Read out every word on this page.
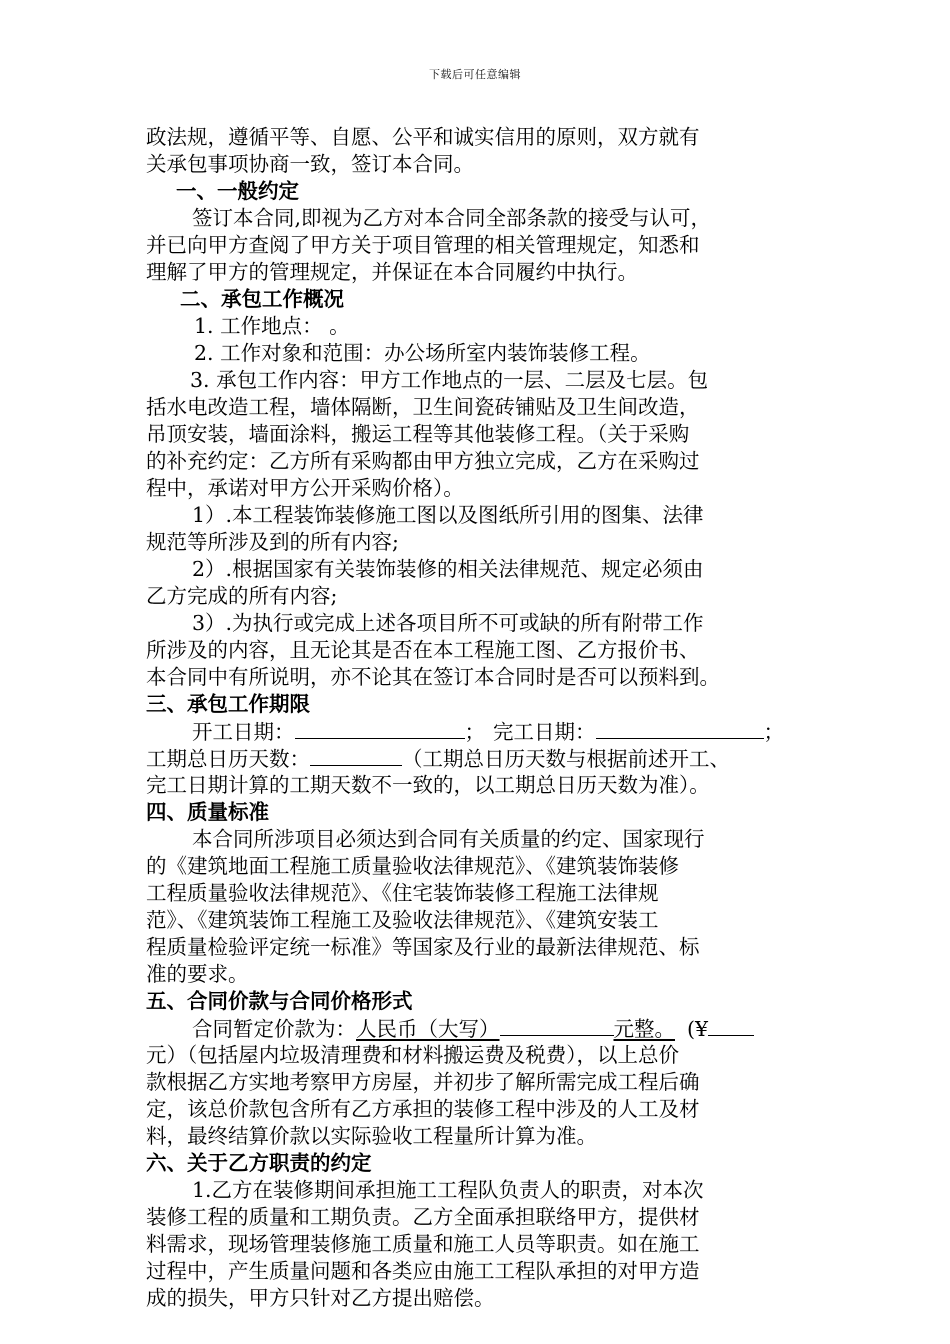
下载后可任意编辑
政法规，遵循平等、自愿、公平和诚实信用的原则，双方就有
关承包事项协商一致，签订本合同。
一、一般约定
签订本合同,即视为乙方对本合同全部条款的接受与认可，
并已向甲方查阅了甲方关于项目管理的相关管理规定，知悉和
理解了甲方的管理规定，并保证在本合同履约中执行。
二、承包工作概况
1. 工作地点： 。
2. 工作对象和范围：办公场所室内装饰装修工程。
3. 承包工作内容：甲方工作地点的一层、二层及七层。包
括水电改造工程，墙体隔断，卫生间瓷砖铺贴及卫生间改造，
吊顶安装，墙面涂料，搬运工程等其他装修工程。（关于采购
的补充约定：乙方所有采购都由甲方独立完成，乙方在采购过
程中，承诺对甲方公开采购价格）。
1）.本工程装饰装修施工图以及图纸所引用的图集、法律
规范等所涉及到的所有内容;
2）.根据国家有关装饰装修的相关法律规范、规定必须由
乙方完成的所有内容;
3）.为执行或完成上述各项目所不可或缺的所有附带工作
所涉及的内容，且无论其是否在本工程施工图、乙方报价书、
本合同中有所说明，亦不论其在签订本合同时是否可以预料到。
三、承包工作期限
开工日期：	； 完工日期：	；
工期总日历天数：	（工期总日历天数与根据前述开工、
完工日期计算的工期天数不一致的，以工期总日历天数为准）。
四、质量标准
本合同所涉项目必须达到合同有关质量的约定、国家现行
的《建筑地面工程施工质量验收法律规范》、《建筑装饰装修
工程质量验收法律规范》、《住宅装饰装修工程施工法律规
范》、《建筑装饰工程施工及验收法律规范》、《建筑安装工
程质量检验评定统一标准》等国家及行业的最新法律规范、标
准的要求。
五、合同价款与合同价格形式
合同暂定价款为：人民币（大写）	元整。 (¥
元）（包括屋内垃圾清理费和材料搬运费及税费），以上总价
款根据乙方实地考察甲方房屋，并初步了解所需完成工程后确
定，该总价款包含所有乙方承担的装修工程中涉及的人工及材
料，最终结算价款以实际验收工程量所计算为准。
六、关于乙方职责的约定
1.乙方在装修期间承担施工工程队负责人的职责，对本次
装修工程的质量和工期负责。乙方全面承担联络甲方，提供材
料需求，现场管理装修施工质量和施工人员等职责。如在施工
过程中，产生质量问题和各类应由施工工程队承担的对甲方造
成的损失，甲方只针对乙方提出赔偿。
